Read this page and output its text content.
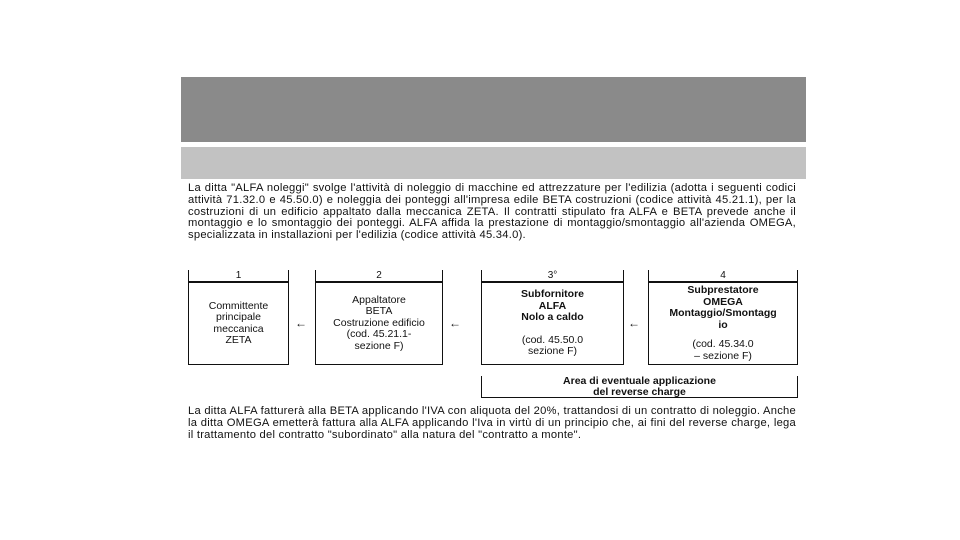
La ditta "ALFA noleggi" svolge l'attività di noleggio di macchine ed attrezzature per l'edilizia (adotta i seguenti codici attività 71.32.0 e 45.50.0) e noleggia dei ponteggi all'impresa edile BETA costruzioni (codice attività 45.21.1), per la costruzioni di un edificio appaltato dalla meccanica ZETA. Il contratti stipulato fra ALFA e BETA prevede anche il montaggio e lo smontaggio dei ponteggi. ALFA affida la prestazione di montaggio/smontaggio all'azienda OMEGA, specializzata in installazioni per l'edilizia (codice attività 45.34.0).

1	2	3°	4
Committente
principale
meccanica
ZETA
←
Appaltatore
BETA
Costruzione edificio
(cod. 45.21.1-
sezione F)
←
Subfornitore
ALFA
Nolo a caldo
(cod. 45.50.0
sezione F)
←
Subprestatore
OMEGA
Montaggio/Smontagg
io
(cod. 45.34.0
– sezione F)
Area di eventuale applicazione
del reverse charge

La ditta ALFA fatturerà alla BETA applicando l'IVA con aliquota del 20%, trattandosi di un contratto di noleggio. Anche la ditta OMEGA emetterà fattura alla ALFA applicando l'Iva in virtù di un principio che, ai fini del reverse charge, lega il trattamento del contratto "subordinato" alla natura del "contratto a monte".
